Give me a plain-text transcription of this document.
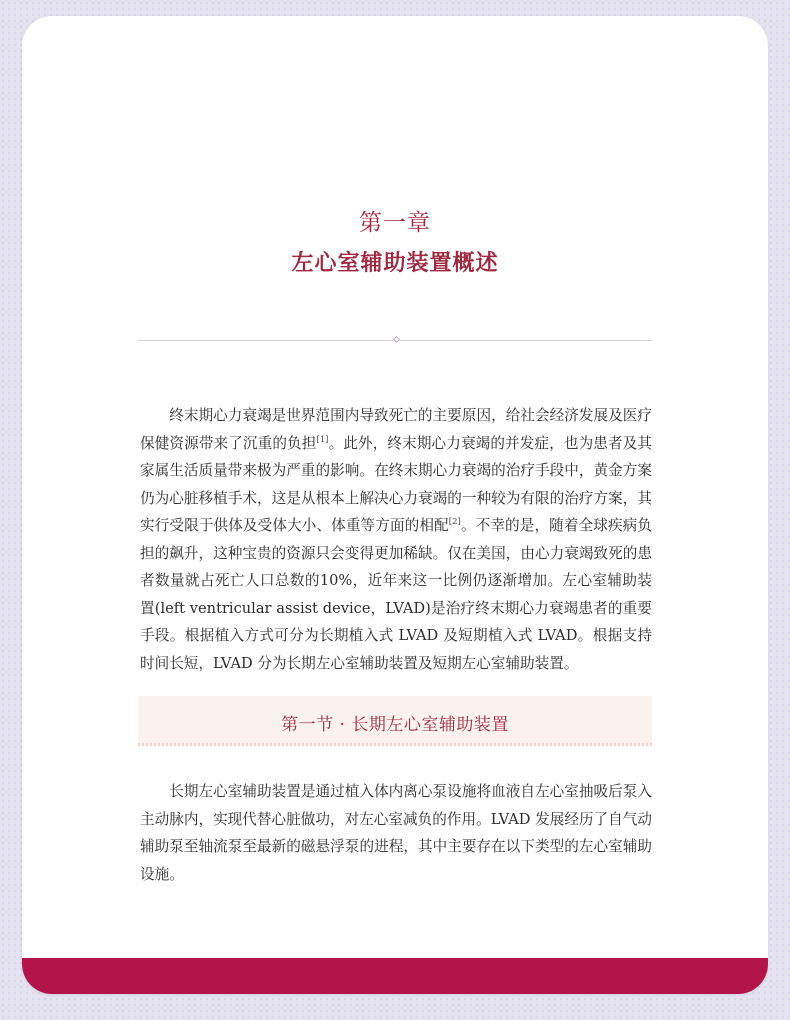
第一章
左心室辅助装置概述

终末期心力衰竭是世界范围内导致死亡的主要原因，给社会经济发展及医疗保健资源带来了沉重的负担[1]。此外，终末期心力衰竭的并发症，也为患者及其家属生活质量带来极为严重的影响。在终末期心力衰竭的治疗手段中，黄金方案仍为心脏移植手术，这是从根本上解决心力衰竭的一种较为有限的治疗方案，其实行受限于供体及受体大小、体重等方面的相配[2]。不幸的是，随着全球疾病负担的飙升，这种宝贵的资源只会变得更加稀缺。仅在美国，由心力衰竭致死的患者数量就占死亡人口总数的10%，近年来这一比例仍逐渐增加。左心室辅助装置(left ventricular assist device，LVAD)是治疗终末期心力衰竭患者的重要手段。根据植入方式可分为长期植入式 LVAD 及短期植入式 LVAD。根据支持时间长短，LVAD 分为长期左心室辅助装置及短期左心室辅助装置。

第一节 · 长期左心室辅助装置

长期左心室辅助装置是通过植入体内离心泵设施将血液自左心室抽吸后泵入主动脉内，实现代替心脏做功，对左心室减负的作用。LVAD 发展经历了自气动辅助泵至轴流泵至最新的磁悬浮泵的进程，其中主要存在以下类型的左心室辅助设施。
